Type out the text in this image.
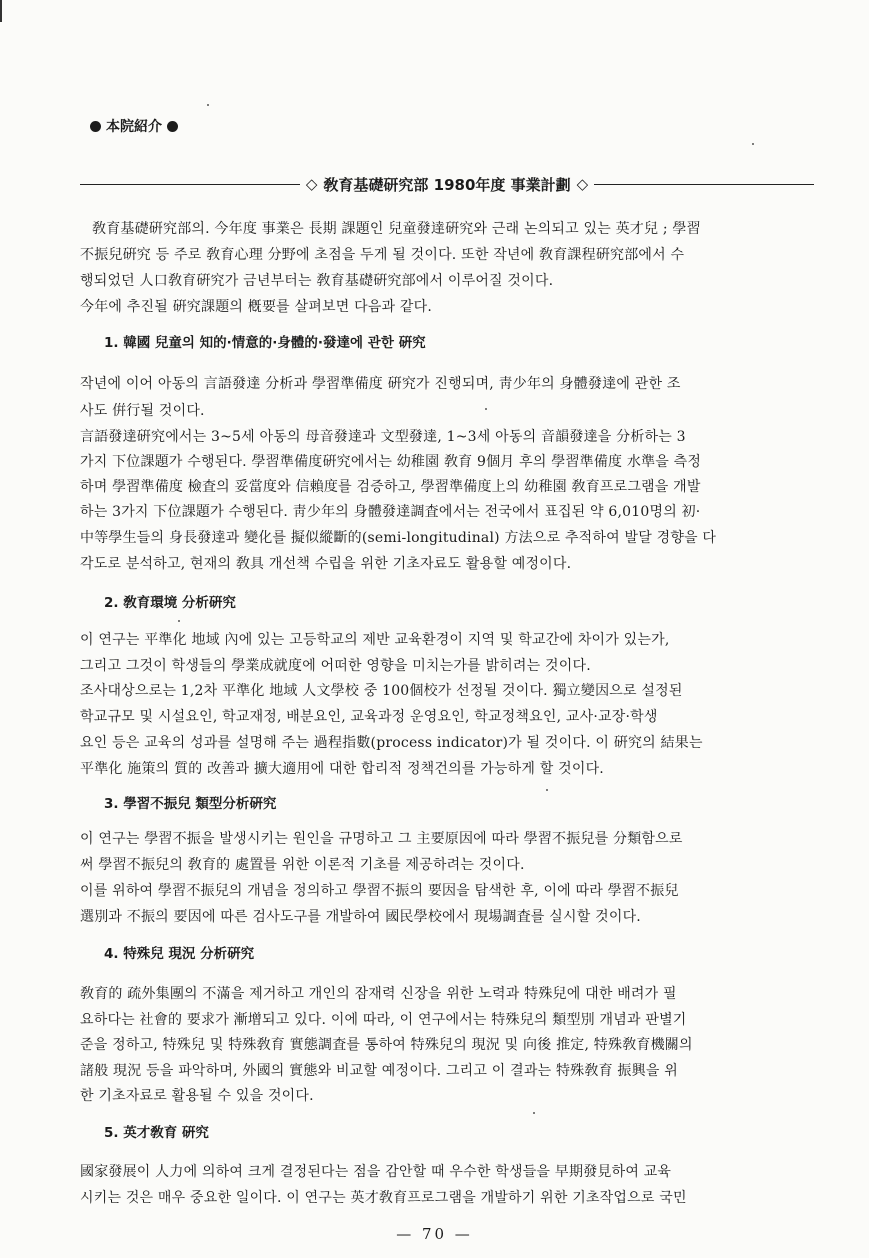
本院紹介
◇ 敎育基礎研究部 1980年度 事業計劃 ◇
敎育基礎硏究部의. 今年度 事業은 長期 課題인 兒童發達硏究와 근래 논의되고 있는 英才兒 ; 學習
不振兒硏究 등 주로 敎育心理 分野에 초점을 두게 될 것이다. 또한 작년에 敎育課程硏究部에서 수
행되었던 人口敎育硏究가 금년부터는 敎育基礎硏究部에서 이루어질 것이다.
今年에 추진될 硏究課題의 槪要를 살펴보면 다음과 같다.
1. 韓國 兒童의 知的·情意的·身體的·發達에 관한 硏究
작년에 이어 아동의 言語發達 分析과 學習準備度 硏究가 진행되며, 靑少年의 身體發達에 관한 조
사도 倂行될 것이다.
言語發達硏究에서는 3~5세 아동의 母音發達과 文型發達, 1~3세 아동의 音韻發達을 分析하는 3
가지 下位課題가 수행된다. 學習準備度硏究에서는 幼稚園 敎育 9個月 후의 學習準備度 水準을 측정
하며 學習準備度 檢査의 妥當度와 信賴度를 검증하고, 學習準備度上의 幼稚園 敎育프로그램을 개발
하는 3가지 下位課題가 수행된다. 靑少年의 身體發達調査에서는 전국에서 표집된 약 6,010명의 初·
中等學生들의 身長發達과 變化를 擬似縱斷的(semi-longitudinal) 方法으로 추적하여 발달 경향을 다
각도로 분석하고, 현재의 敎具 개선책 수립을 위한 기초자료도 활용할 예정이다.
2. 敎育環境 分析硏究
이 연구는 平準化 地域 內에 있는 고등학교의 제반 교육환경이 지역 및 학교간에 차이가 있는가,
그리고 그것이 학생들의 學業成就度에 어떠한 영향을 미치는가를 밝히려는 것이다.
조사대상으로는 1,2차 平準化 地域 人文學校 중 100個校가 선정될 것이다. 獨立變因으로 설정된
학교규모 및 시설요인, 학교재정, 배분요인, 교육과정 운영요인, 학교정책요인, 교사·교장·학생
요인 등은 교육의 성과를 설명해 주는 過程指數(process indicator)가 될 것이다. 이 硏究의 結果는
平準化 施策의 質的 改善과 擴大適用에 대한 합리적 정책건의를 가능하게 할 것이다.
3. 學習不振兒 類型分析硏究
이 연구는 學習不振을 발생시키는 원인을 규명하고 그 主要原因에 따라 學習不振兒를 分類함으로
써 學習不振兒의 敎育的 處置를 위한 이론적 기초를 제공하려는 것이다.
이를 위하여 學習不振兒의 개념을 정의하고 學習不振의 要因을 탐색한 후, 이에 따라 學習不振兒
選別과 不振의 要因에 따른 검사도구를 개발하여 國民學校에서 現場調査를 실시할 것이다.
4. 特殊兒 現況 分析硏究
敎育的 疏外集團의 不滿을 제거하고 개인의 잠재력 신장을 위한 노력과 特殊兒에 대한 배려가 필
요하다는 社會的 要求가 漸增되고 있다. 이에 따라, 이 연구에서는 特殊兒의 類型別 개념과 판별기
준을 정하고, 特殊兒 및 特殊敎育 實態調査를 통하여 特殊兒의 現況 및 向後 推定, 特殊敎育機關의
諸般 現況 등을 파악하며, 外國의 實態와 비교할 예정이다. 그리고 이 결과는 特殊敎育 振興을 위
한 기초자료로 활용될 수 있을 것이다.
5. 英才敎育 硏究
國家發展이 人力에 의하여 크게 결정된다는 점을 감안할 때 우수한 학생들을 早期發見하여 교육
시키는 것은 매우 중요한 일이다. 이 연구는 英才敎育프로그램을 개발하기 위한 기초작업으로 국민
— 70 —
